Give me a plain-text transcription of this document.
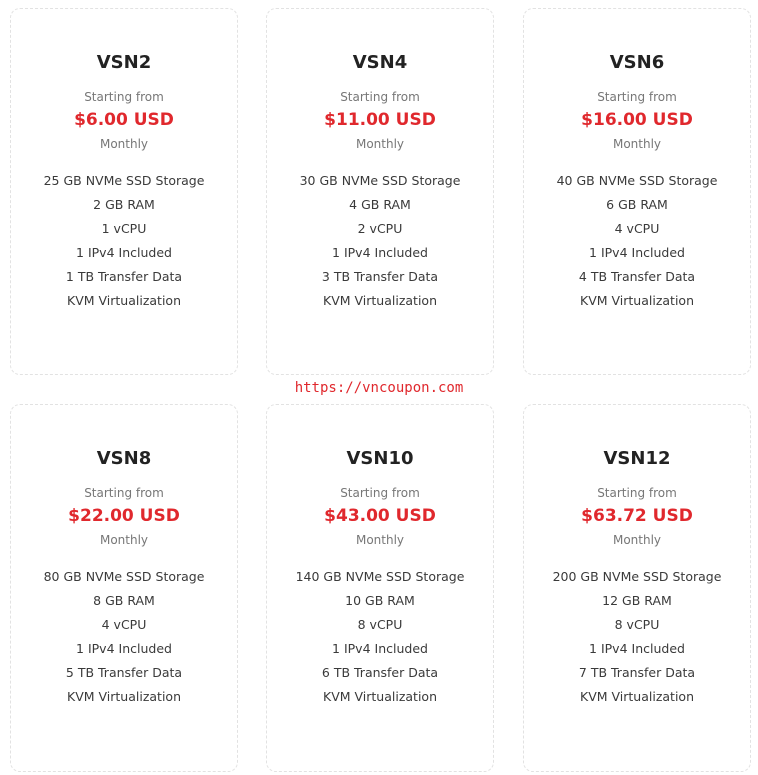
VSN2
Starting from
$6.00 USD
Monthly
25 GB NVMe SSD Storage
2 GB RAM
1 vCPU
1 IPv4 Included
1 TB Transfer Data
KVM Virtualization
VSN4
Starting from
$11.00 USD
Monthly
30 GB NVMe SSD Storage
4 GB RAM
2 vCPU
1 IPv4 Included
3 TB Transfer Data
KVM Virtualization
VSN6
Starting from
$16.00 USD
Monthly
40 GB NVMe SSD Storage
6 GB RAM
4 vCPU
1 IPv4 Included
4 TB Transfer Data
KVM Virtualization
VSN8
Starting from
$22.00 USD
Monthly
80 GB NVMe SSD Storage
8 GB RAM
4 vCPU
1 IPv4 Included
5 TB Transfer Data
KVM Virtualization
VSN10
Starting from
$43.00 USD
Monthly
140 GB NVMe SSD Storage
10 GB RAM
8 vCPU
1 IPv4 Included
6 TB Transfer Data
KVM Virtualization
VSN12
Starting from
$63.72 USD
Monthly
200 GB NVMe SSD Storage
12 GB RAM
8 vCPU
1 IPv4 Included
7 TB Transfer Data
KVM Virtualization
https://vncoupon.com
